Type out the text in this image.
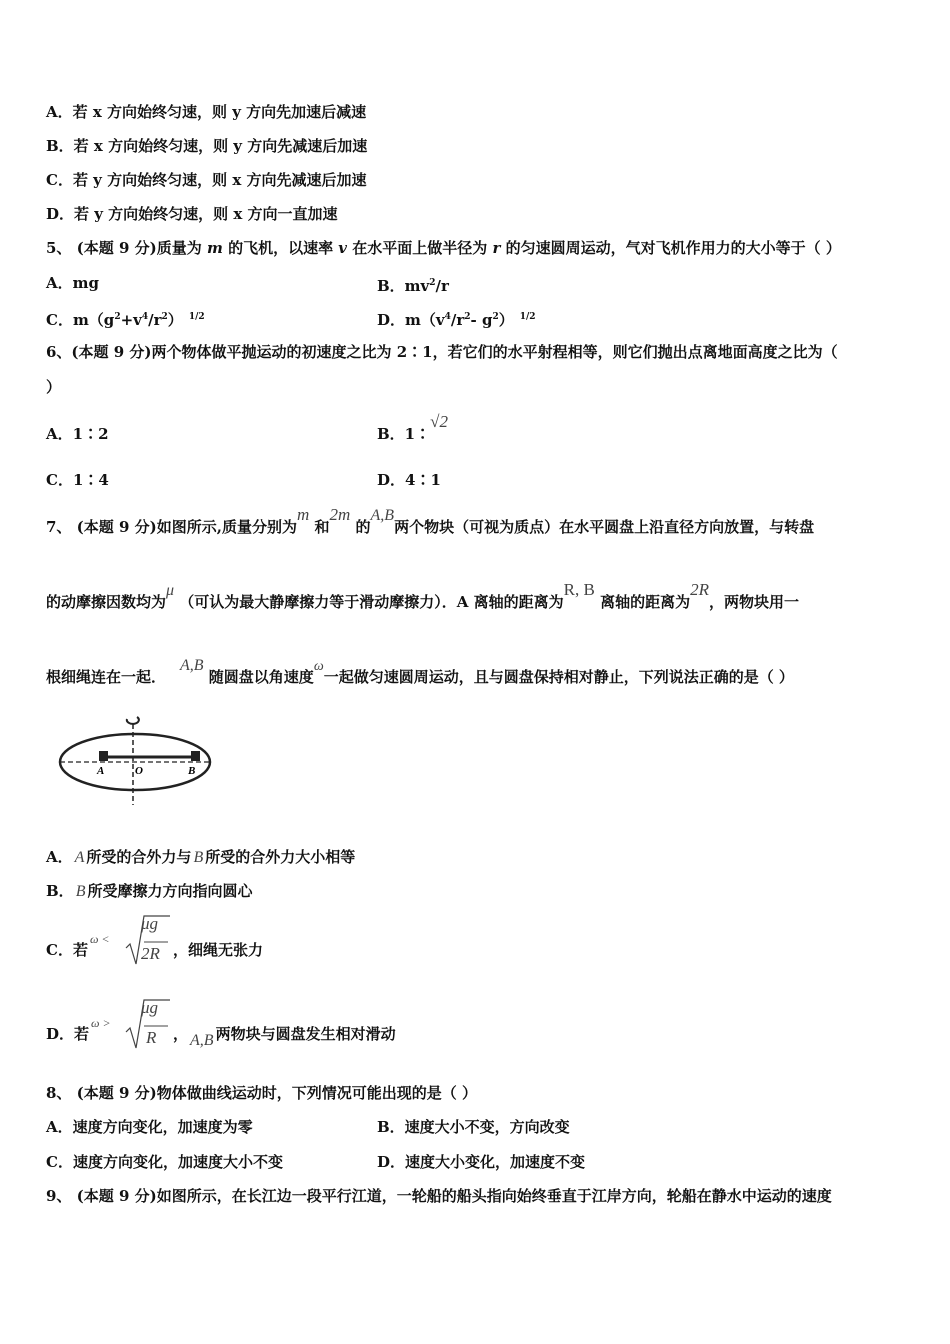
A．若 x 方向始终匀速，则 y 方向先加速后减速
B．若 x 方向始终匀速，则 y 方向先减速后加速
C．若 y 方向始终匀速，则 x 方向先减速后加速
D．若 y 方向始终匀速，则 x 方向一直加速
5、 (本题 9 分)质量为 m 的飞机，以速率 v 在水平面上做半径为 r 的匀速圆周运动，气对飞机作用力的大小等于（ ）
A．mg	B．$mv^2/r$
C．$m(g^2+v^4/r^2)$ $^{1/2}$	D．$m(v^4/r^2-$ $g^2$） $^{1/2}$
6、(本题 9 分)两个物体做平抛运动的初速度之比为 2∶1，若它们的水平射程相等，则它们抛出点离地面高度之比为（
）
A．1∶2	B．1∶√2
C．1∶4	D．4∶1
7、 (本题 9 分)如图所示,质量分别为m 和2m 的A,B两个物块（可视为质点）在水平圆盘上沿直径方向放置，与转盘
的动摩擦因数均为μ （可认为最大静摩擦力等于滑动摩擦力）．A 离轴的距离为R, B 离轴的距离为2R，两物块用一
根细绳连在一起．A,B 随圆盘以角速度ω一起做匀速圆周运动，且与圆盘保持相对静止，下列说法正确的是（ ）
A	O	B
A． A 所受的合外力与 B 所受的合外力大小相等
B． B 所受摩擦力方向指向圆心
C．若$^{\omega <}$
μg
2R ，细绳无张力
D．若$^{\omega >}$
μg
R ， A,B 两物块与圆盘发生相对滑动
8、 (本题 9 分)物体做曲线运动时，下列情况可能出现的是（ ）
A．速度方向变化，加速度为零	B．速度大小不变，方向改变
C．速度方向变化，加速度大小不变	D．速度大小变化，加速度不变
9、 (本题 9 分)如图所示，在长江边一段平行江道，一轮船的船头指向始终垂直于江岸方向，轮船在静水中运动的速度
